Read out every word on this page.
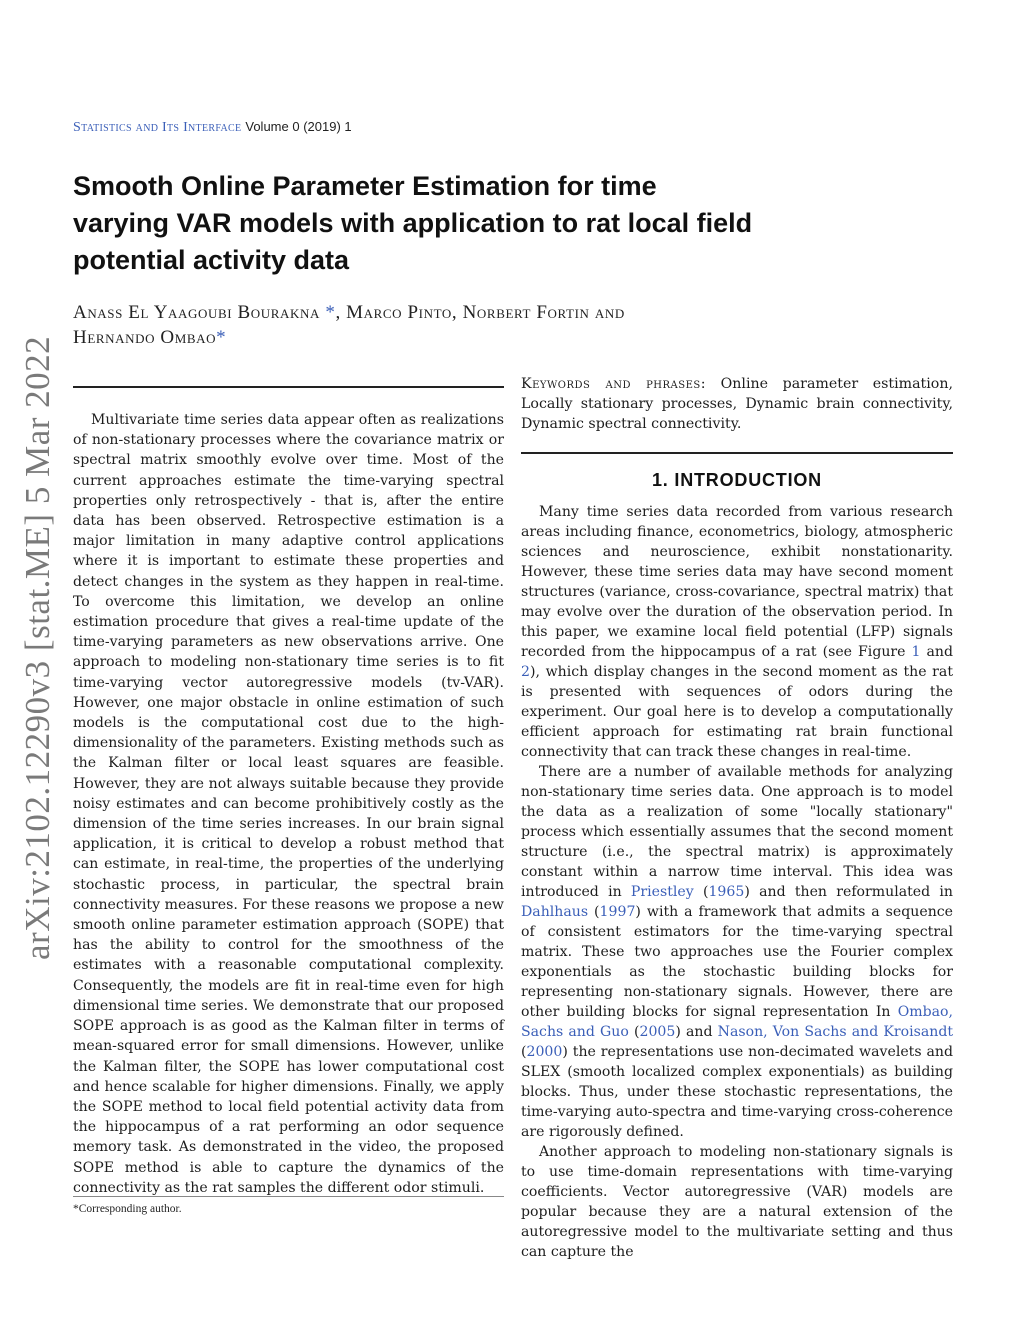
arXiv:2102.12290v3 [stat.ME] 5 Mar 2022
Statistics and Its Interface Volume 0 (2019) 1
Smooth Online Parameter Estimation for time varying VAR models with application to rat local field potential activity data
Anass El Yaagoubi Bourakna *, Marco Pinto, Norbert Fortin and Hernando Ombao*

Multivariate time series data appear often as realizations of non-stationary processes where the covariance matrix or spectral matrix smoothly evolve over time. Most of the current approaches estimate the time-varying spectral properties only retrospectively - that is, after the entire data has been observed. Retrospective estimation is a major limitation in many adaptive control applications where it is important to estimate these properties and detect changes in the system as they happen in real-time. To overcome this limitation, we develop an online estimation procedure that gives a real-time update of the time-varying parameters as new observations arrive. One approach to modeling non-stationary time series is to fit time-varying vector autoregressive models (tv-VAR). However, one major obstacle in online estimation of such models is the computational cost due to the high-dimensionality of the parameters. Existing methods such as the Kalman filter or local least squares are feasible. However, they are not always suitable because they provide noisy estimates and can become prohibitively costly as the dimension of the time series increases. In our brain signal application, it is critical to develop a robust method that can estimate, in real-time, the properties of the underlying stochastic process, in particular, the spectral brain connectivity measures. For these reasons we propose a new smooth online parameter estimation approach (SOPE) that has the ability to control for the smoothness of the estimates with a reasonable computational complexity. Consequently, the models are fit in real-time even for high dimensional time series. We demonstrate that our proposed SOPE approach is as good as the Kalman filter in terms of mean-squared error for small dimensions. However, unlike the Kalman filter, the SOPE has lower computational cost and hence scalable for higher dimensions. Finally, we apply the SOPE method to local field potential activity data from the hippocampus of a rat performing an odor sequence memory task. As demonstrated in the video, the proposed SOPE method is able to capture the dynamics of the connectivity as the rat samples the different odor stimuli.

*Corresponding author.
Keywords and phrases: Online parameter estimation, Locally stationary processes, Dynamic brain connectivity, Dynamic spectral connectivity.
1. INTRODUCTION

Many time series data recorded from various research areas including finance, econometrics, biology, atmospheric sciences and neuroscience, exhibit nonstationarity. However, these time series data may have second moment structures (variance, cross-covariance, spectral matrix) that may evolve over the duration of the observation period. In this paper, we examine local field potential (LFP) signals recorded from the hippocampus of a rat (see Figure 1 and 2), which display changes in the second moment as the rat is presented with sequences of odors during the experiment. Our goal here is to develop a computationally efficient approach for estimating rat brain functional connectivity that can track these changes in real-time.

There are a number of available methods for analyzing non-stationary time series data. One approach is to model the data as a realization of some "locally stationary" process which essentially assumes that the second moment structure (i.e., the spectral matrix) is approximately constant within a narrow time interval. This idea was introduced in Priestley (1965) and then reformulated in Dahlhaus (1997) with a framework that admits a sequence of consistent estimators for the time-varying spectral matrix. These two approaches use the Fourier complex exponentials as the stochastic building blocks for representing non-stationary signals. However, there are other building blocks for signal representation In Ombao, Sachs and Guo (2005) and Nason, Von Sachs and Kroisandt (2000) the representations use non-decimated wavelets and SLEX (smooth localized complex exponentials) as building blocks. Thus, under these stochastic representations, the time-varying auto-spectra and time-varying cross-coherence are rigorously defined.

Another approach to modeling non-stationary signals is to use time-domain representations with time-varying coefficients. Vector autoregressive (VAR) models are popular because they are a natural extension of the autoregressive model to the multivariate setting and thus can capture the
